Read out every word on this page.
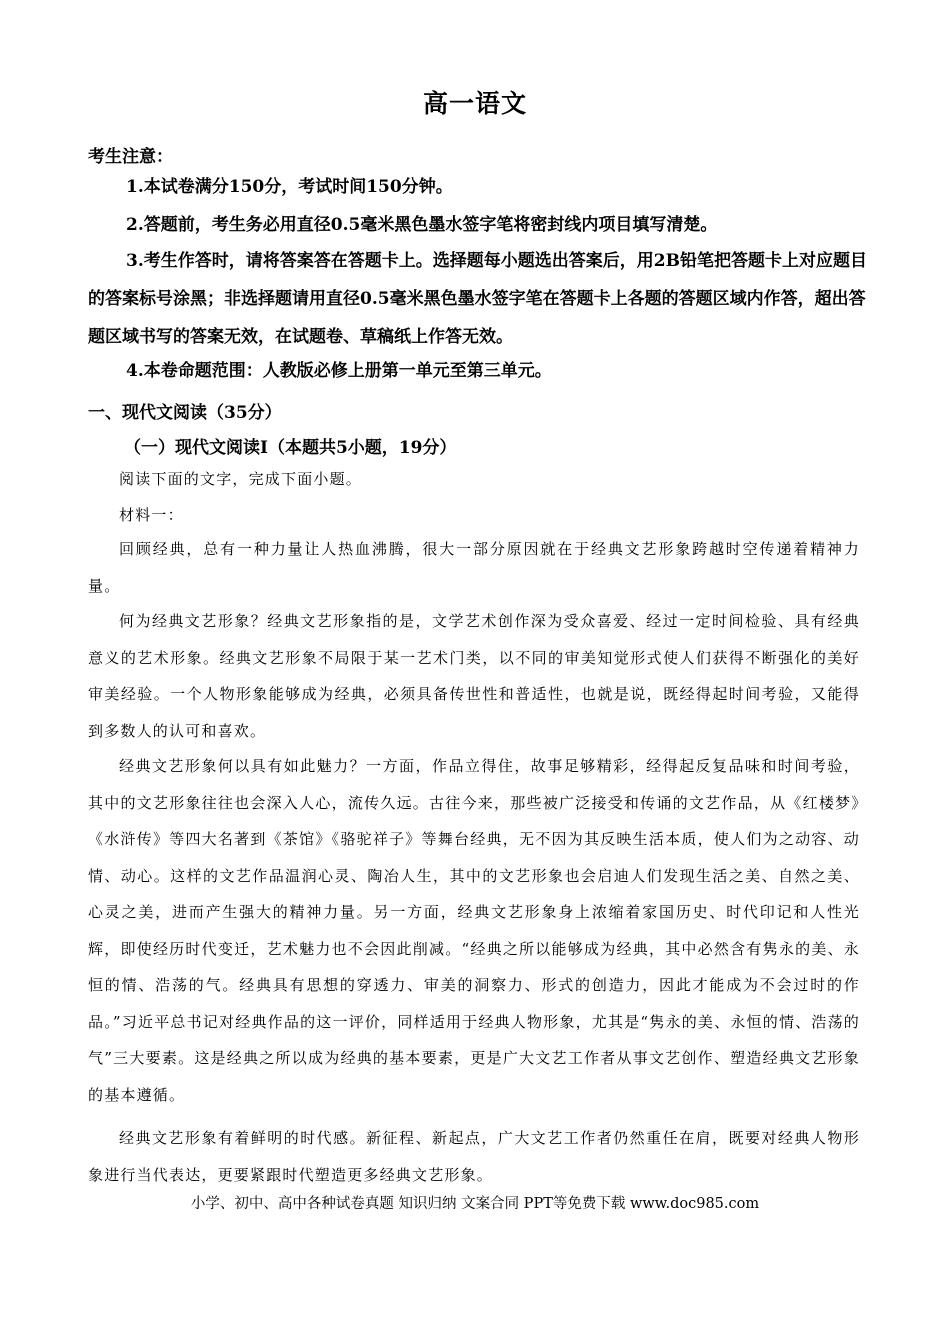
高一语文
考生注意：
1.本试卷满分150分，考试时间150分钟。
2.答题前，考生务必用直径0.5毫米黑色墨水签字笔将密封线内项目填写清楚。
3.考生作答时，请将答案答在答题卡上。选择题每小题选出答案后，用2B铅笔把答题卡上对应题目的答案标号涂黑；非选择题请用直径0.5毫米黑色墨水签字笔在答题卡上各题的答题区域内作答，超出答题区域书写的答案无效，在试题卷、草稿纸上作答无效。
4.本卷命题范围：人教版必修上册第一单元至第三单元。
一、现代文阅读（35分）
（一）现代文阅读Ⅰ（本题共5小题，19分）
阅读下面的文字，完成下面小题。
材料一：
回顾经典，总有一种力量让人热血沸腾，很大一部分原因就在于经典文艺形象跨越时空传递着精神力量。
何为经典文艺形象？经典文艺形象指的是，文学艺术创作深为受众喜爱、经过一定时间检验、具有经典意义的艺术形象。经典文艺形象不局限于某一艺术门类，以不同的审美知觉形式使人们获得不断强化的美好审美经验。一个人物形象能够成为经典，必须具备传世性和普适性，也就是说，既经得起时间考验，又能得到多数人的认可和喜欢。
经典文艺形象何以具有如此魅力？一方面，作品立得住，故事足够精彩，经得起反复品味和时间考验，其中的文艺形象往往也会深入人心，流传久远。古往今来，那些被广泛接受和传诵的文艺作品，从《红楼梦》《水浒传》等四大名著到《茶馆》《骆驼祥子》等舞台经典，无不因为其反映生活本质，使人们为之动容、动情、动心。这样的文艺作品温润心灵、陶冶人生，其中的文艺形象也会启迪人们发现生活之美、自然之美、心灵之美，进而产生强大的精神力量。另一方面，经典文艺形象身上浓缩着家国历史、时代印记和人性光辉，即使经历时代变迁，艺术魅力也不会因此削减。“经典之所以能够成为经典，其中必然含有隽永的美、永恒的情、浩荡的气。经典具有思想的穿透力、审美的洞察力、形式的创造力，因此才能成为不会过时的作品。”习近平总书记对经典作品的这一评价，同样适用于经典人物形象，尤其是“隽永的美、永恒的情、浩荡的气”三大要素。这是经典之所以成为经典的基本要素，更是广大文艺工作者从事文艺创作、塑造经典文艺形象的基本遵循。
经典文艺形象有着鲜明的时代感。新征程、新起点，广大文艺工作者仍然重任在肩，既要对经典人物形象进行当代表达，更要紧跟时代塑造更多经典文艺形象。
小学、初中、高中各种试卷真题 知识归纳 文案合同 PPT等免费下载 www.doc985.com
